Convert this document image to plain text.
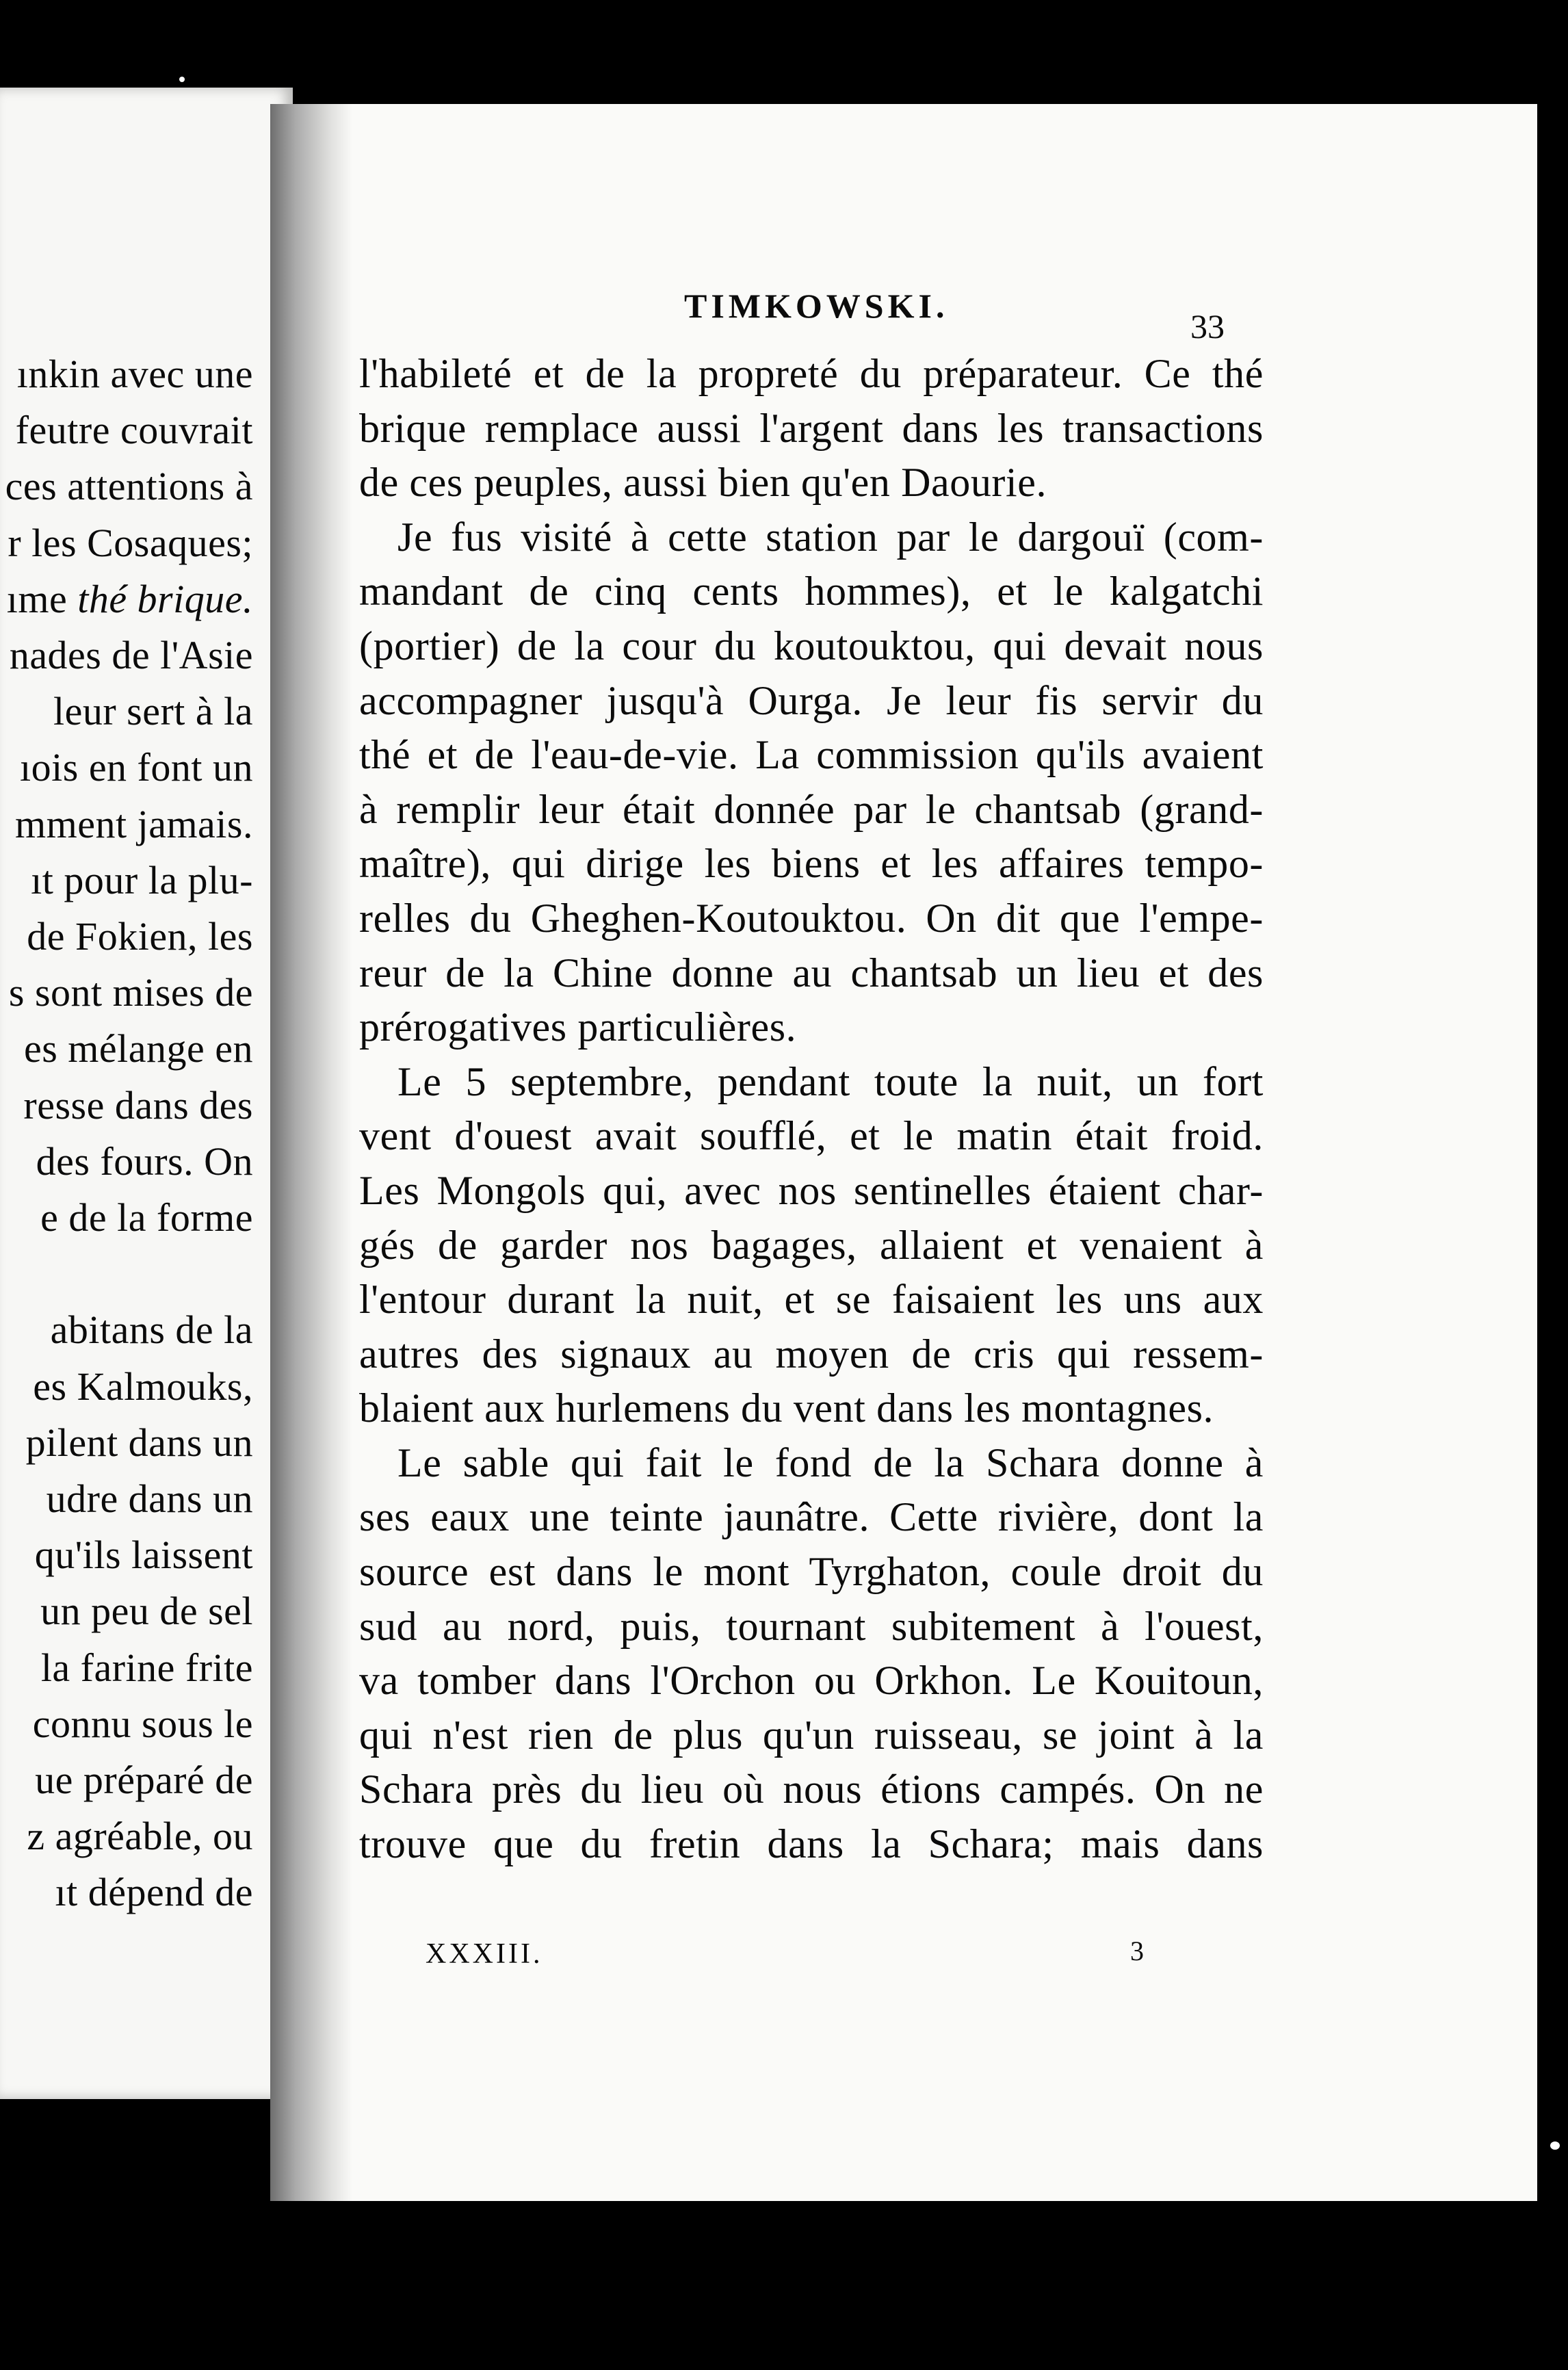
ınkin avec une
feutre couvrait
ces attentions à
r les Cosaques;
ıme thé brique.
nades de l'Asie
leur sert à la
ıois en font un
mment jamais.
ıt pour la plu-
de Fokien, les
s sont mises de
es mélange en
resse dans des
des fours. On
e de la forme

abitans de la
es Kalmouks,
pilent dans un
udre dans un
qu'ils laissent
un peu de sel
la farine frite
connu sous le
ue préparé de
z agréable, ou
ıt dépend de
TIMKOWSKI.
33
l'habileté et de la propreté du préparateur. Ce thé
brique remplace aussi l'argent dans les transactions
de ces peuples, aussi bien qu'en Daourie.
Je fus visité à cette station par le dargouï (com-
mandant de cinq cents hommes), et le kalgatchi
(portier) de la cour du koutouktou, qui devait nous
accompagner jusqu'à Ourga. Je leur fis servir du
thé et de l'eau-de-vie. La commission qu'ils avaient
à remplir leur était donnée par le chantsab (grand-
maître), qui dirige les biens et les affaires tempo-
relles du Gheghen-Koutouktou. On dit que l'empe-
reur de la Chine donne au chantsab un lieu et des
prérogatives particulières.
Le 5 septembre, pendant toute la nuit, un fort
vent d'ouest avait soufflé, et le matin était froid.
Les Mongols qui, avec nos sentinelles étaient char-
gés de garder nos bagages, allaient et venaient à
l'entour durant la nuit, et se faisaient les uns aux
autres des signaux au moyen de cris qui ressem-
blaient aux hurlemens du vent dans les montagnes.
Le sable qui fait le fond de la Schara donne à
ses eaux une teinte jaunâtre. Cette rivière, dont la
source est dans le mont Tyrghaton, coule droit du
sud au nord, puis, tournant subitement à l'ouest,
va tomber dans l'Orchon ou Orkhon. Le Kouitoun,
qui n'est rien de plus qu'un ruisseau, se joint à la
Schara près du lieu où nous étions campés. On ne
trouve que du fretin dans la Schara; mais dans
XXXIII.	3
